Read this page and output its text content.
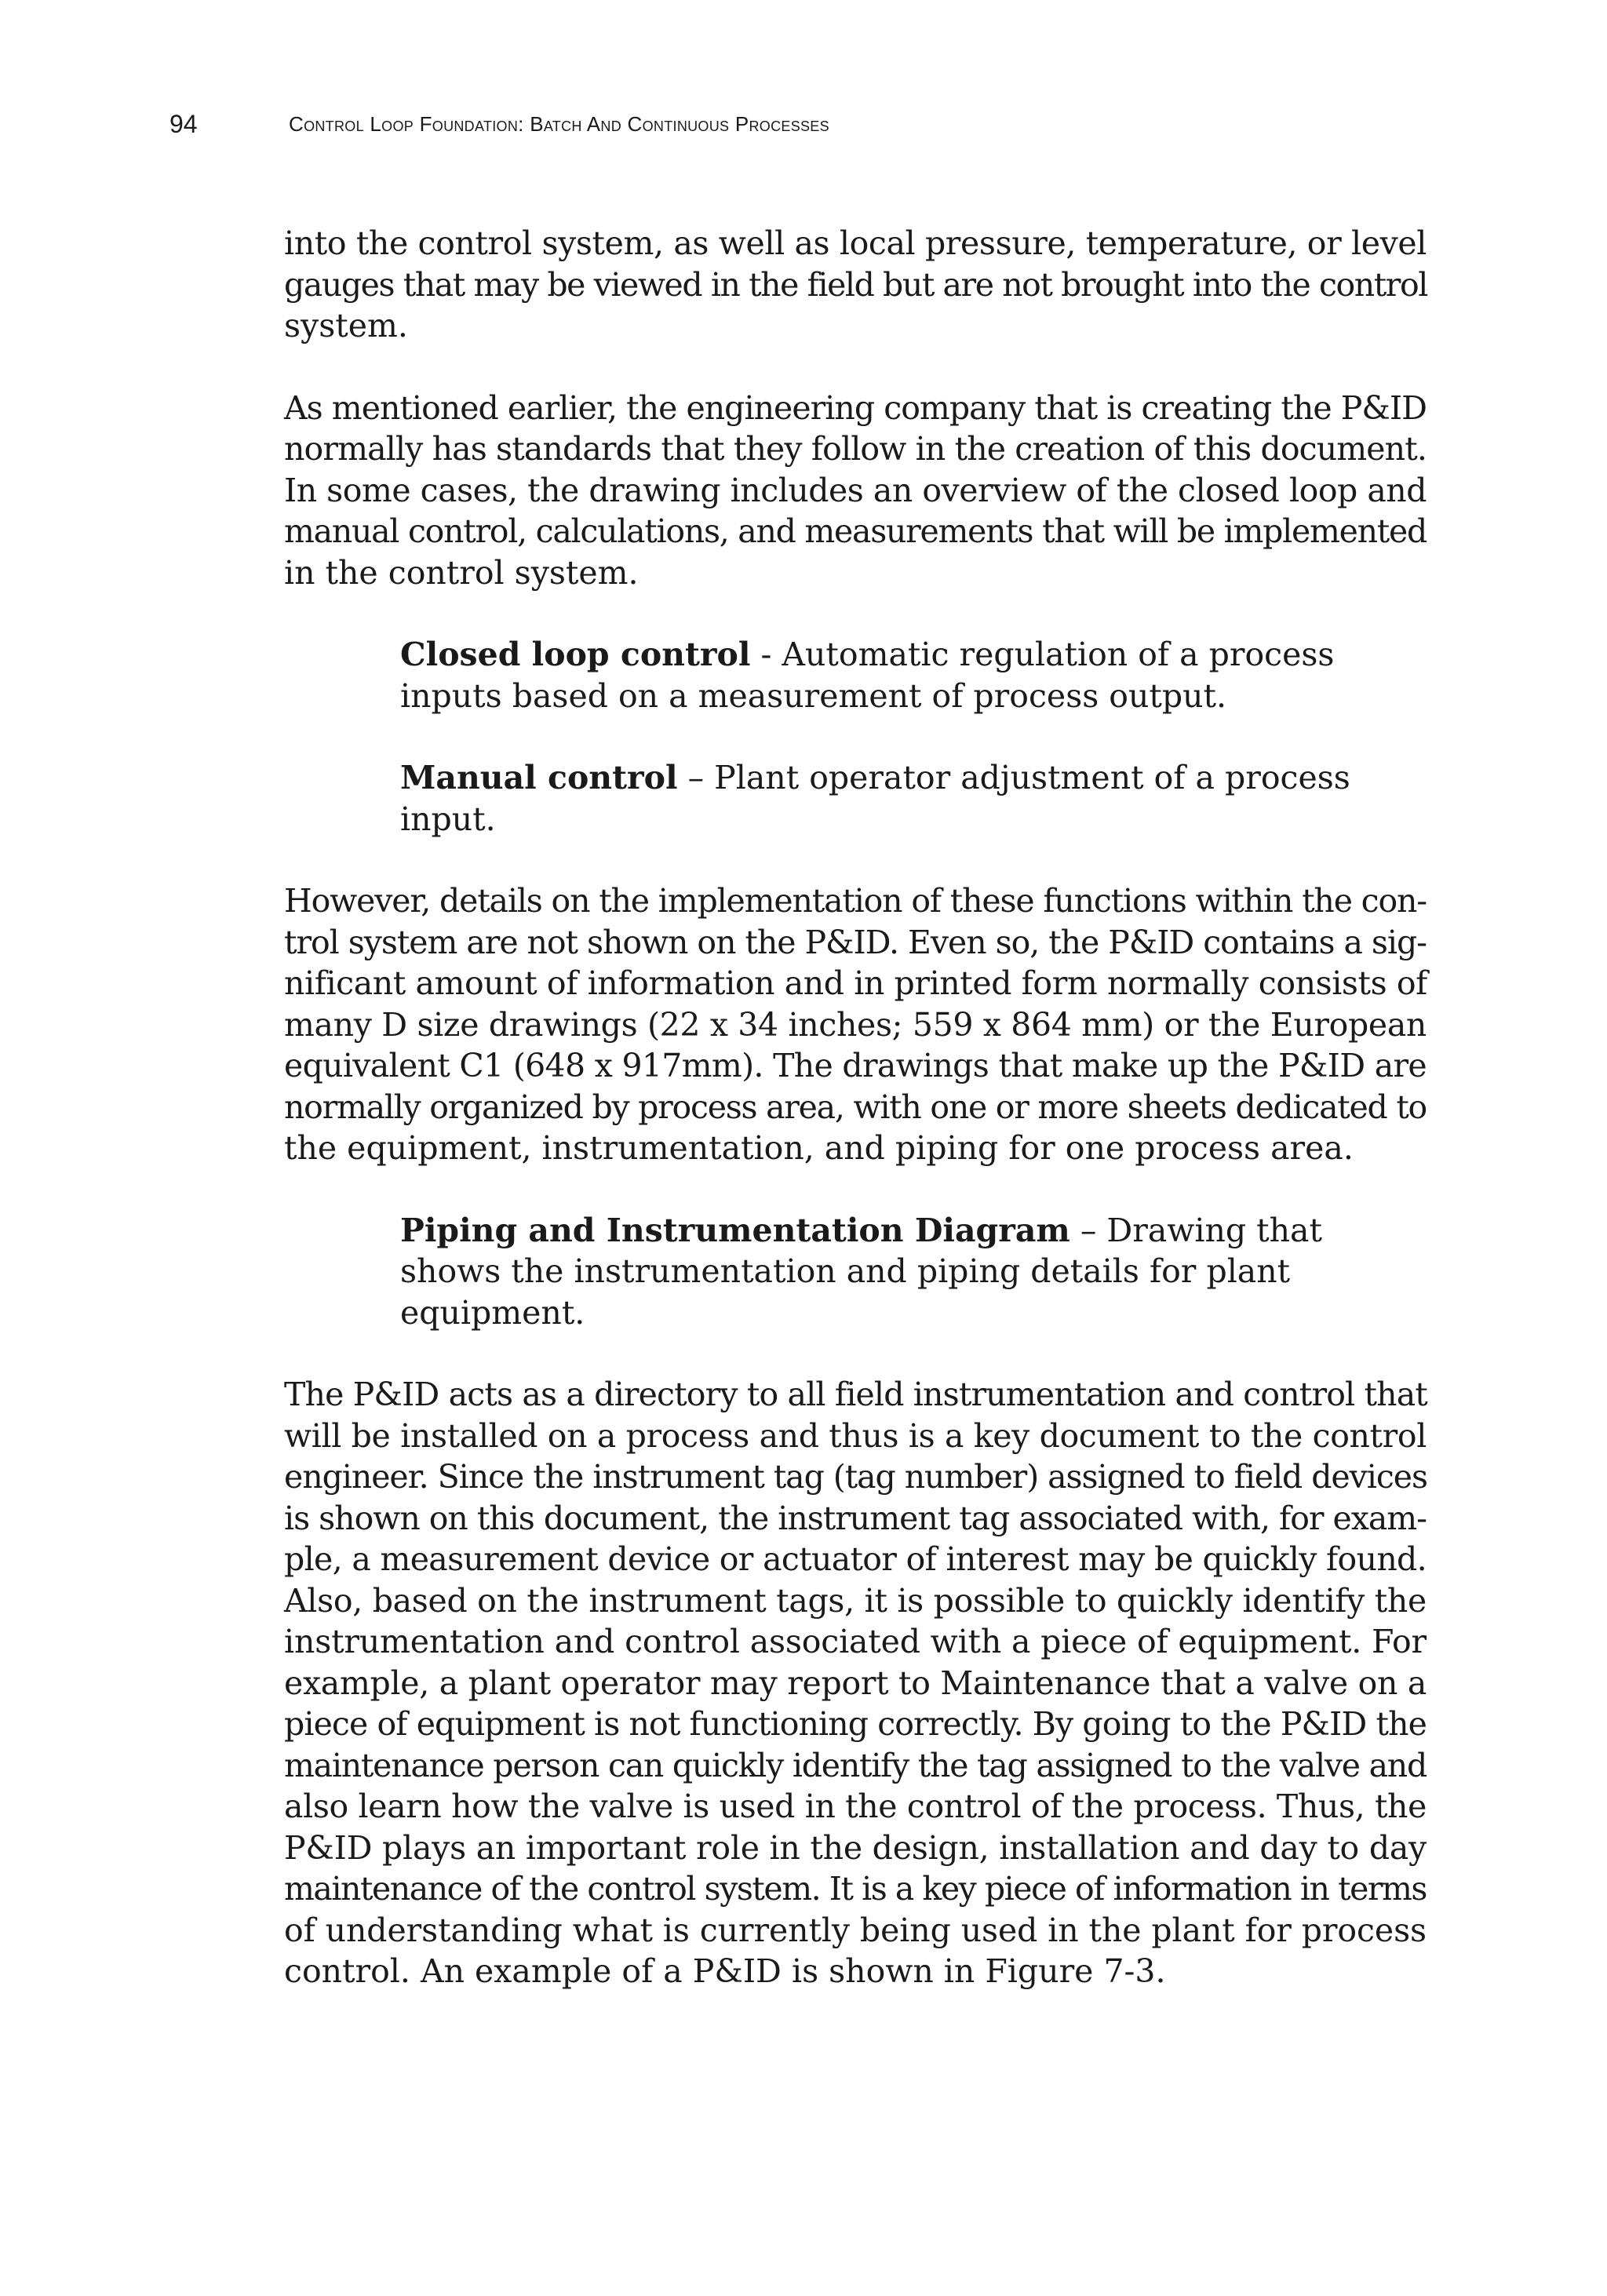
94	Control Loop Foundation: Batch And Continuous Processes

into the control system, as well as local pressure, temperature, or level
gauges that may be viewed in the field but are not brought into the control
system.

As mentioned earlier, the engineering company that is creating the P&ID
normally has standards that they follow in the creation of this document.
In some cases, the drawing includes an overview of the closed loop and
manual control, calculations, and measurements that will be implemented
in the control system.

Closed loop control - Automatic regulation of a process
inputs based on a measurement of process output.

Manual control – Plant operator adjustment of a process
input.

However, details on the implementation of these functions within the con-
trol system are not shown on the P&ID. Even so, the P&ID contains a sig-
nificant amount of information and in printed form normally consists of
many D size drawings (22 x 34 inches; 559 x 864 mm) or the European
equivalent C1 (648 x 917mm). The drawings that make up the P&ID are
normally organized by process area, with one or more sheets dedicated to
the equipment, instrumentation, and piping for one process area.

Piping and Instrumentation Diagram – Drawing that
shows the instrumentation and piping details for plant
equipment.

The P&ID acts as a directory to all field instrumentation and control that
will be installed on a process and thus is a key document to the control
engineer. Since the instrument tag (tag number) assigned to field devices
is shown on this document, the instrument tag associated with, for exam-
ple, a measurement device or actuator of interest may be quickly found.
Also, based on the instrument tags, it is possible to quickly identify the
instrumentation and control associated with a piece of equipment. For
example, a plant operator may report to Maintenance that a valve on a
piece of equipment is not functioning correctly. By going to the P&ID the
maintenance person can quickly identify the tag assigned to the valve and
also learn how the valve is used in the control of the process. Thus, the
P&ID plays an important role in the design, installation and day to day
maintenance of the control system. It is a key piece of information in terms
of understanding what is currently being used in the plant for process
control. An example of a P&ID is shown in Figure 7-3.
